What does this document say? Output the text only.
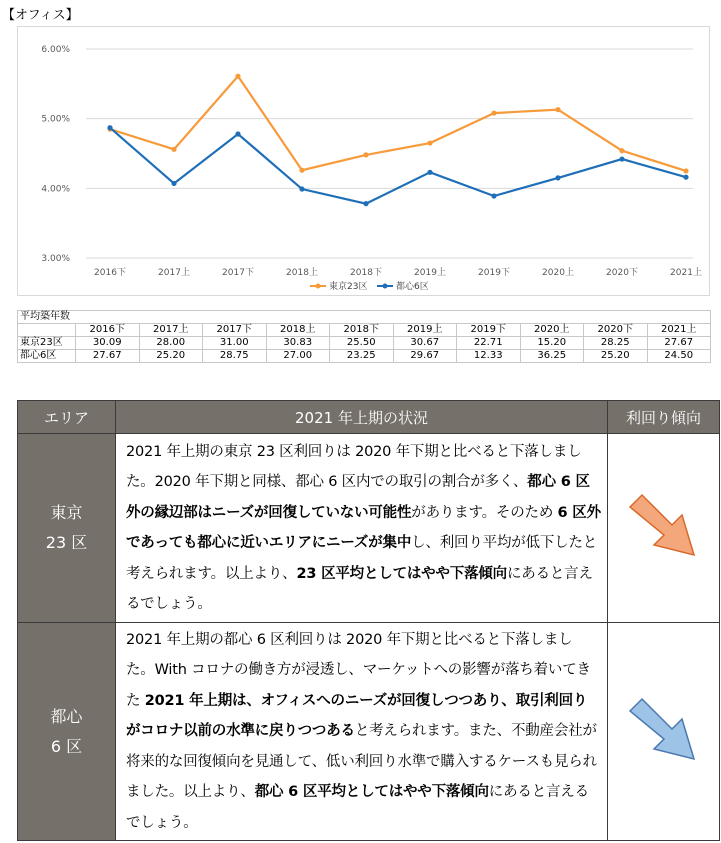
【オフィス】
6.00%
5.00%
4.00%
3.00%
2016下	2017上	2017下	2018上	2018下	2019上	2019下	2020上	2020下	2021上
東京23区	都心6区
平均築年数										
	2016下	2017上	2017下	2018上	2018下	2019上	2019下	2020上	2020下	2021上
東京23区	30.09	28.00	31.00	30.83	25.50	30.67	22.71	15.20	28.25	27.67
都心6区	27.67	25.20	28.75	27.00	23.25	29.67	12.33	36.25	25.20	24.50
エリア	2021 年上期の状況	利回り傾向
東京
23 区	2021 年上期の東京 23 区利回りは 2020 年下期と比べると下落しました。2020 年下期と同様、都心 6 区内での取引の割合が多く、都心 6 区外の縁辺部はニーズが回復していない可能性があります。そのため 6 区外であっても都心に近いエリアにニーズが集中し、利回り平均が低下したと考えられます。以上より、23 区平均としてはやや下落傾向にあると言えるでしょう。	
都心
6 区	2021 年上期の都心 6 区利回りは 2020 年下期と比べると下落しました。With コロナの働き方が浸透し、マーケットへの影響が落ち着いてきた 2021 年上期は、オフィスへのニーズが回復しつつあり、取引利回りがコロナ以前の水準に戻りつつあると考えられます。また、不動産会社が将来的な回復傾向を見通して、低い利回り水準で購入するケースも見られました。以上より、都心 6 区平均としてはやや下落傾向にあると言えるでしょう。	
